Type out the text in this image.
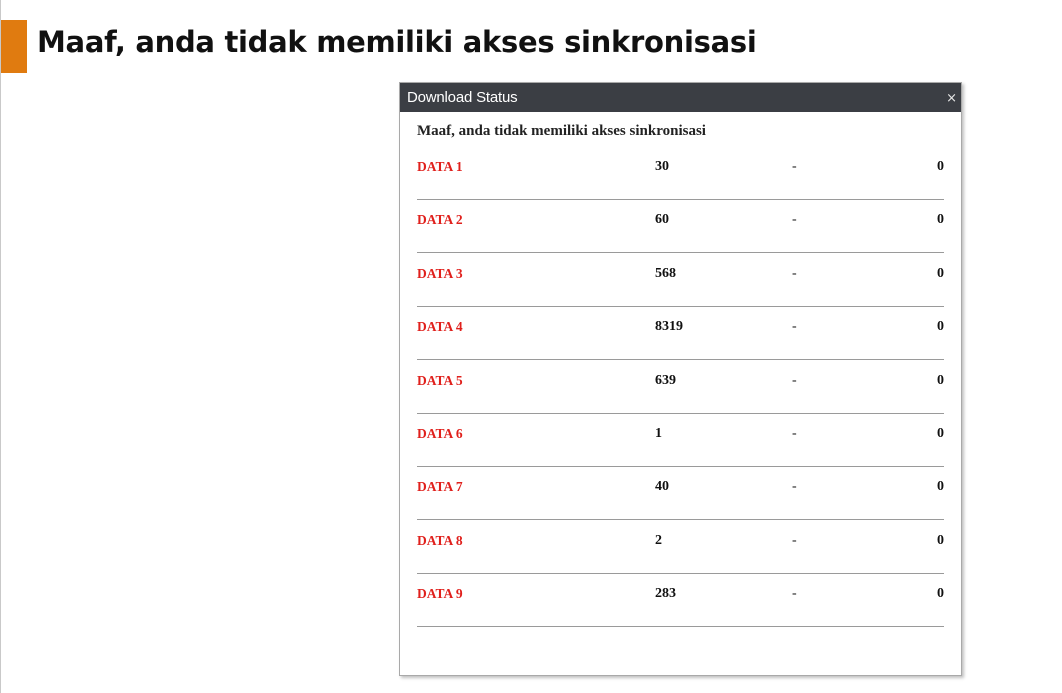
Maaf, anda tidak memiliki akses sinkronisasi
Download Status	×
Maaf, anda tidak memiliki akses sinkronisasi
DATA 1	30	-	0
DATA 2	60	-	0
DATA 3	568	-	0
DATA 4	8319	-	0
DATA 5	639	-	0
DATA 6	1	-	0
DATA 7	40	-	0
DATA 8	2	-	0
DATA 9	283	-	0
